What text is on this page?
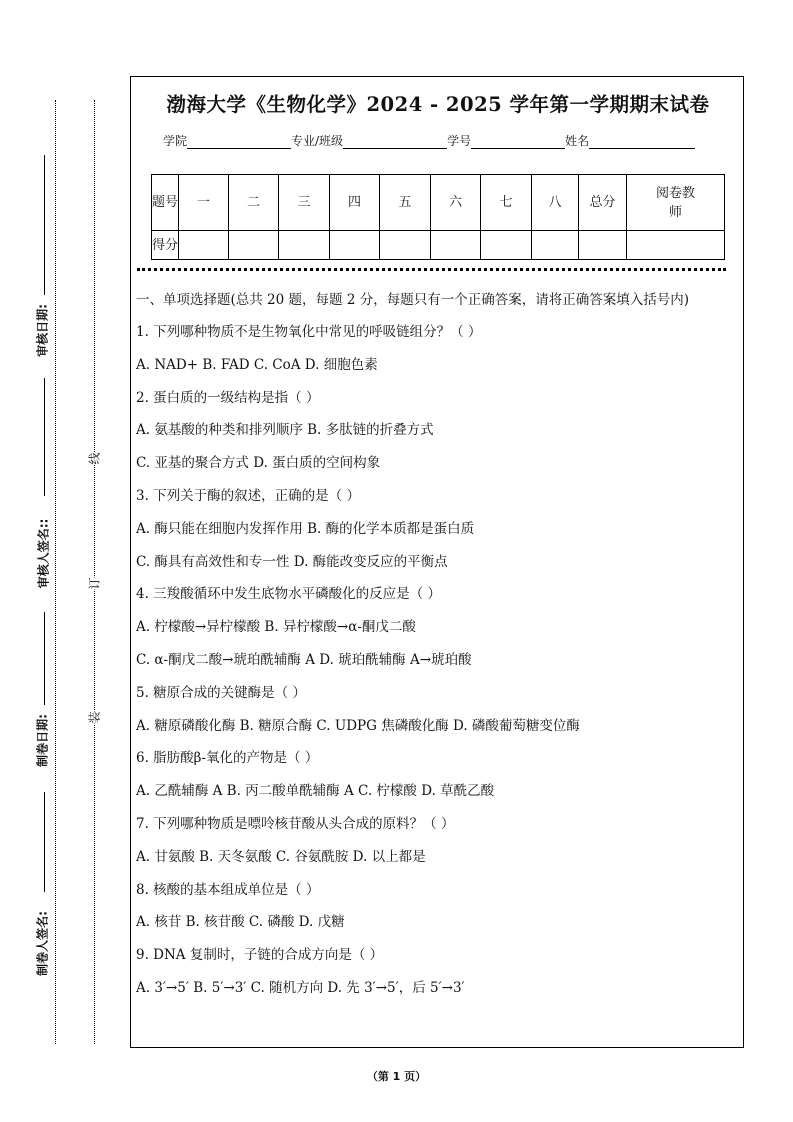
审核日期:
审核人签名::
制卷日期:
制卷人签名:
线
订
装
渤海大学《生物化学》2024 - 2025 学年第一学期期末试卷
学院	专业/班级	学号	姓名
题号	一	二	三	四	五	六	七	八	总分	阅卷教师
得分										
一、单项选择题(总共 20 题，每题 2 分，每题只有一个正确答案，请将正确答案填入括号内)
1. 下列哪种物质不是生物氧化中常见的呼吸链组分？（ ）
A. NAD+ B. FAD C. CoA D. 细胞色素
2. 蛋白质的一级结构是指（ ）
A. 氨基酸的种类和排列顺序 B. 多肽链的折叠方式
C. 亚基的聚合方式 D. 蛋白质的空间构象
3. 下列关于酶的叙述，正确的是（ ）
A. 酶只能在细胞内发挥作用 B. 酶的化学本质都是蛋白质
C. 酶具有高效性和专一性 D. 酶能改变反应的平衡点
4. 三羧酸循环中发生底物水平磷酸化的反应是（ ）
A. 柠檬酸→异柠檬酸 B. 异柠檬酸→α-酮戊二酸
C. α-酮戊二酸→琥珀酰辅酶 A D. 琥珀酰辅酶 A→琥珀酸
5. 糖原合成的关键酶是（ ）
A. 糖原磷酸化酶 B. 糖原合酶 C. UDPG 焦磷酸化酶 D. 磷酸葡萄糖变位酶
6. 脂肪酸β-氧化的产物是（ ）
A. 乙酰辅酶 A B. 丙二酸单酰辅酶 A C. 柠檬酸 D. 草酰乙酸
7. 下列哪种物质是嘌呤核苷酸从头合成的原料？（ ）
A. 甘氨酸 B. 天冬氨酸 C. 谷氨酰胺 D. 以上都是
8. 核酸的基本组成单位是（ ）
A. 核苷 B. 核苷酸 C. 磷酸 D. 戊糖
9. DNA 复制时，子链的合成方向是（ ）
A. 3′→5′ B. 5′→3′ C. 随机方向 D. 先 3′→5′，后 5′→3′
（第 1 页）
